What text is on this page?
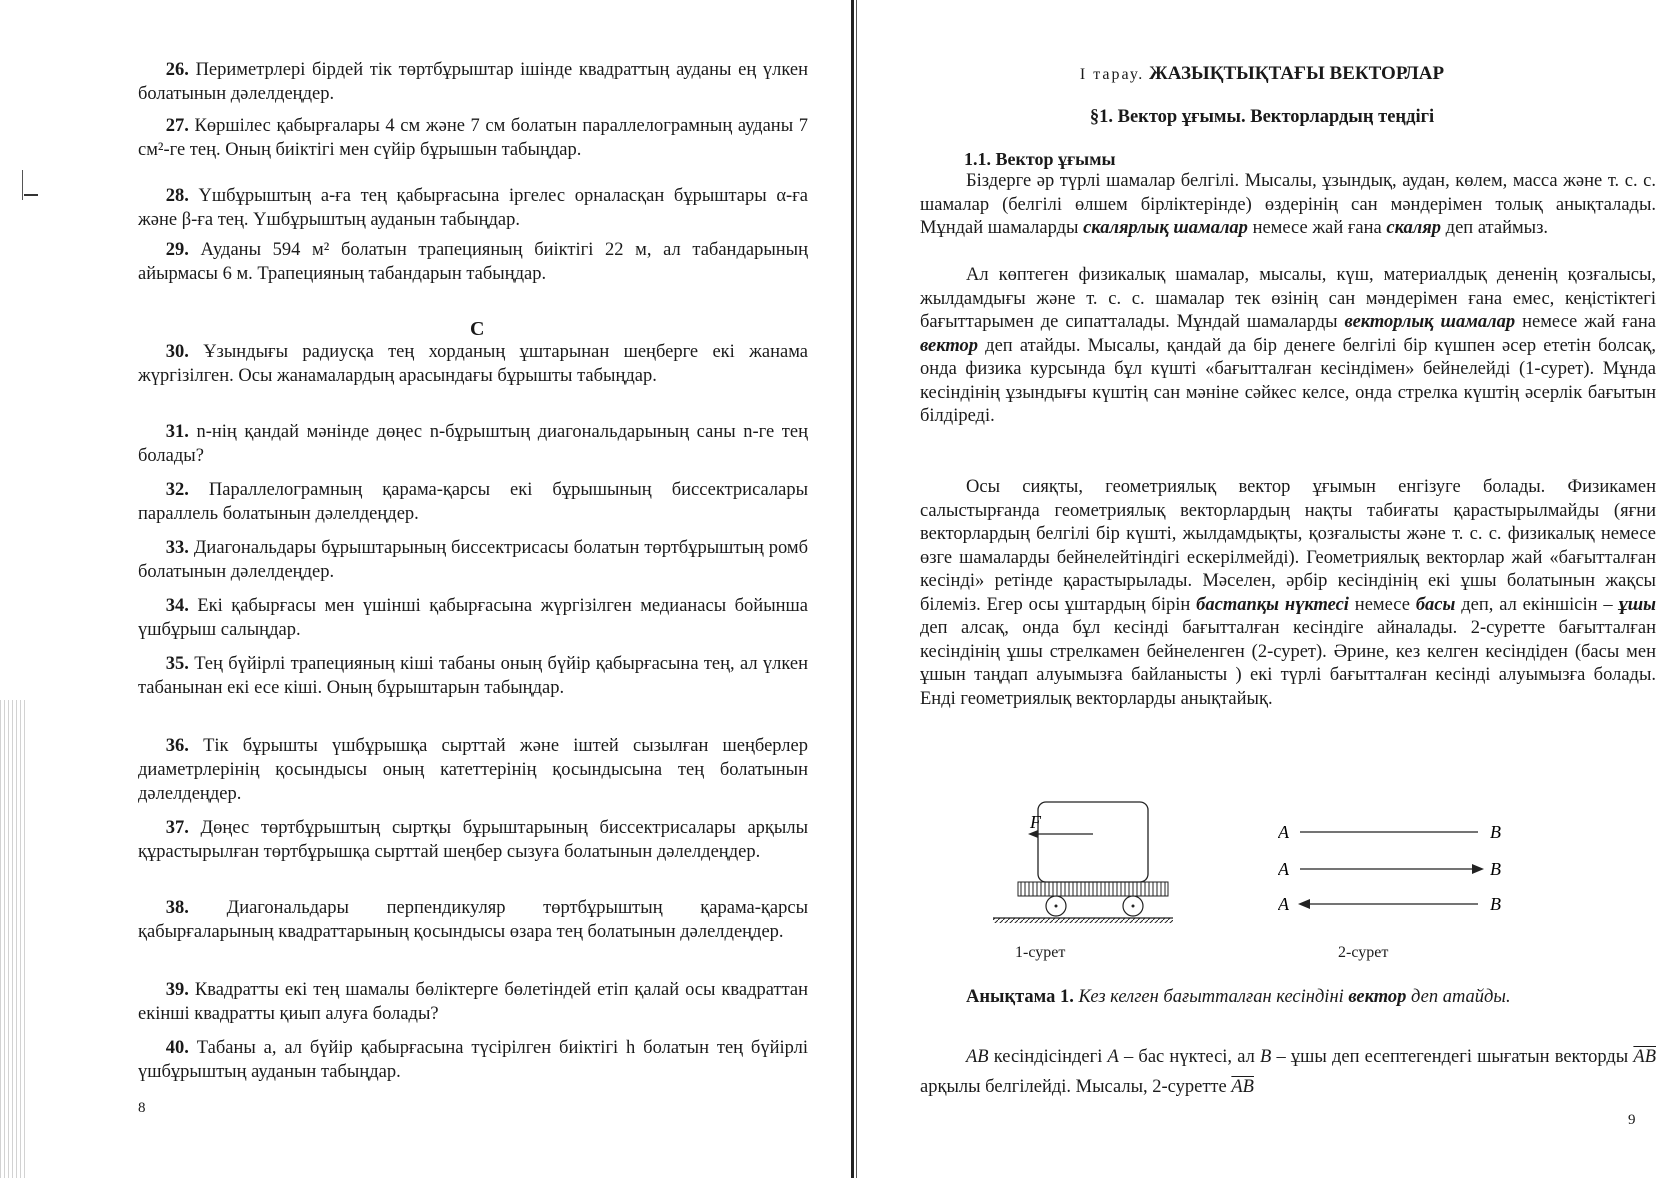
  26. Периметрлері бірдей тік төртбұрыштар ішінде квадраттың ауданы ең үлкен болатынын дәлелдеңдер.

  27. Көршілес қабырғалары 4 см және 7 см болатын параллелограмның ауданы 7 см²-ге тең. Оның биіктігі мен сүйір бұрышын табыңдар.

  28. Үшбұрыштың a-ға тең қабырғасына іргелес орналасқан бұрыштары α-ға және β-ға тең. Үшбұрыштың ауданын табыңдар.

  29. Ауданы 594 м² болатын трапецияның биіктігі 22 м, ал табандарының айырмасы 6 м. Трапецияның табандарын табыңдар.

C

  30. Ұзындығы радиусқа тең хорданың ұштарынан шеңберге екі жанама жүргізілген. Осы жанамалардың арасындағы бұрышты табыңдар.

  31. n-нің қандай мәнінде дөңес n-бұрыштың диагональдарының саны n-ге тең болады?

  32. Параллелограмның қарама-қарсы екі бұрышының биссектрисалары параллель болатынын дәлелдеңдер.

  33. Диагональдары бұрыштарының биссектрисасы болатын төртбұрыштың ромб болатынын дәлелдеңдер.

  34. Екі қабырғасы мен үшінші қабырғасына жүргізілген медианасы бойынша үшбұрыш салыңдар.

  35. Тең бүйірлі трапецияның кіші табаны оның бүйір қабырғасына тең, ал үлкен табанынан екі есе кіші. Оның бұрыштарын табыңдар.

  36. Тік бұрышты үшбұрышқа сырттай және іштей сызылған шеңберлер диаметрлерінің қосындысы оның катеттерінің қосындысына тең болатынын дәлелдеңдер.

  37. Дөңес төртбұрыштың сыртқы бұрыштарының биссектрисалары арқылы құрастырылған төртбұрышқа сырттай шеңбер сызуға болатынын дәлелдеңдер.

  38. Диагональдары перпендикуляр төртбұрыштың қарама-қарсы қабырғаларының квадраттарының қосындысы өзара тең болатынын дәлелдеңдер.

  39. Квадратты екі тең шамалы бөліктерге бөлетіндей етіп қалай осы квадраттан екінші квадратты қиып алуға болады?

  40. Табаны a, ал бүйір қабырғасына түсірілген биіктігі h болатын тең бүйірлі үшбұрыштың ауданын табыңдар.

8
I тарау. ЖАЗЫҚТЫҚТАҒЫ ВЕКТОРЛАР
§1. Вектор ұғымы. Векторлардың теңдігі
1.1. Вектор ұғымы

Біздерге әр түрлі шамалар белгілі. Мысалы, ұзындық, аудан, көлем, масса және т. с. с. шамалар (белгілі өлшем бірліктерінде) өздерінің сан мәндерімен толық анықталады. Мұндай шамаларды скалярлық шамалар немесе жай ғана скаляр деп атаймыз.

Ал көптеген физикалық шамалар, мысалы, күш, материалдық дененің қозғалысы, жылдамдығы және т. с. с. шамалар тек өзінің сан мәндерімен ғана емес, кеңістіктегі бағыттарымен де сипатталады. Мұндай шамаларды векторлық шамалар немесе жай ғана вектор деп атайды. Мысалы, қандай да бір денеге белгілі бір күшпен әсер ететін болсақ, онда физика курсында бұл күшті «бағытталған кесіндімен» бейнелейді (1-сурет). Мұнда кесіндінің ұзындығы күштің сан мәніне сәйкес келсе, онда стрелка күштің әсерлік бағытын білдіреді.

Осы сияқты, геометриялық вектор ұғымын енгізуге болады. Физикамен салыстырғанда геометриялық векторлардың нақты табиғаты қарастырылмайды (яғни векторлардың белгілі бір күшті, жылдамдықты, қозғалысты және т. с. с. физикалық немесе өзге шамаларды бейнелейтіндігі ескерілмейді). Геометриялық векторлар жай «бағытталған кесінді» ретінде қарастырылады. Мәселен, әрбір кесіндінің екі ұшы болатынын жақсы білеміз. Егер осы ұштардың бірін бастапқы нүктесі немесе басы деп, ал екіншісін – ұшы деп алсақ, онда бұл кесінді бағытталған кесіндіге айналады. 2-суретте бағытталған кесіндінің ұшы стрелкамен бейнеленген (2-сурет). Әрине, кез келген кесіндіден (басы мен ұшын таңдап алуымызға байланысты ) екі түрлі бағытталған кесінді алуымызға болады. Енді геометриялық векторларды анықтайық.

F
1-сурет
A	B
A	B
A	B
2-сурет

Анықтама 1. Кез келген бағытталған кесіндіні вектор деп атайды.

AB кесіндісіндегі A – бас нүктесі, ал B – ұшы деп есептегендегі шығатын векторды $\overline{AB}$ арқылы белгілейді. Мысалы, 2-суретте $\overline{AB}$

9
